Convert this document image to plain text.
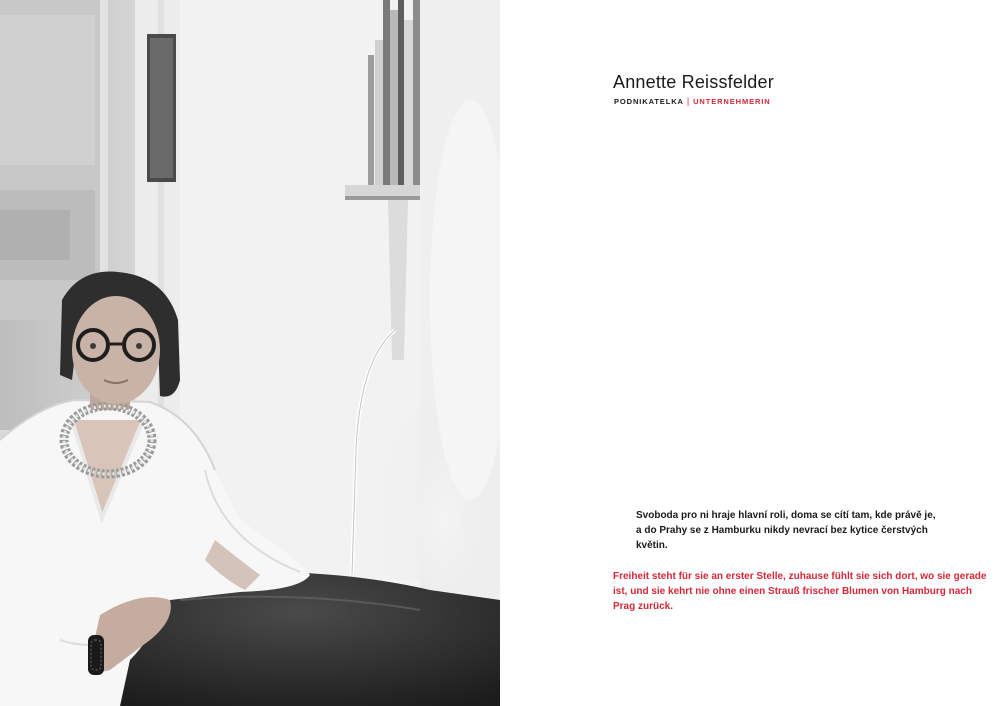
Annette Reissfelder
PODNIKATELKA | UNTERNEHMERIN
Svoboda pro ni hraje hlavní roli, doma se cítí tam, kde právě je,
a do Prahy se z Hamburku nikdy nevrací bez kytice čerstvých
květin.
Freiheit steht für sie an erster Stelle, zuhause fühlt sie sich dort, wo sie gerade
ist, und sie kehrt nie ohne einen Strauß frischer Blumen von Hamburg nach
Prag zurück.
